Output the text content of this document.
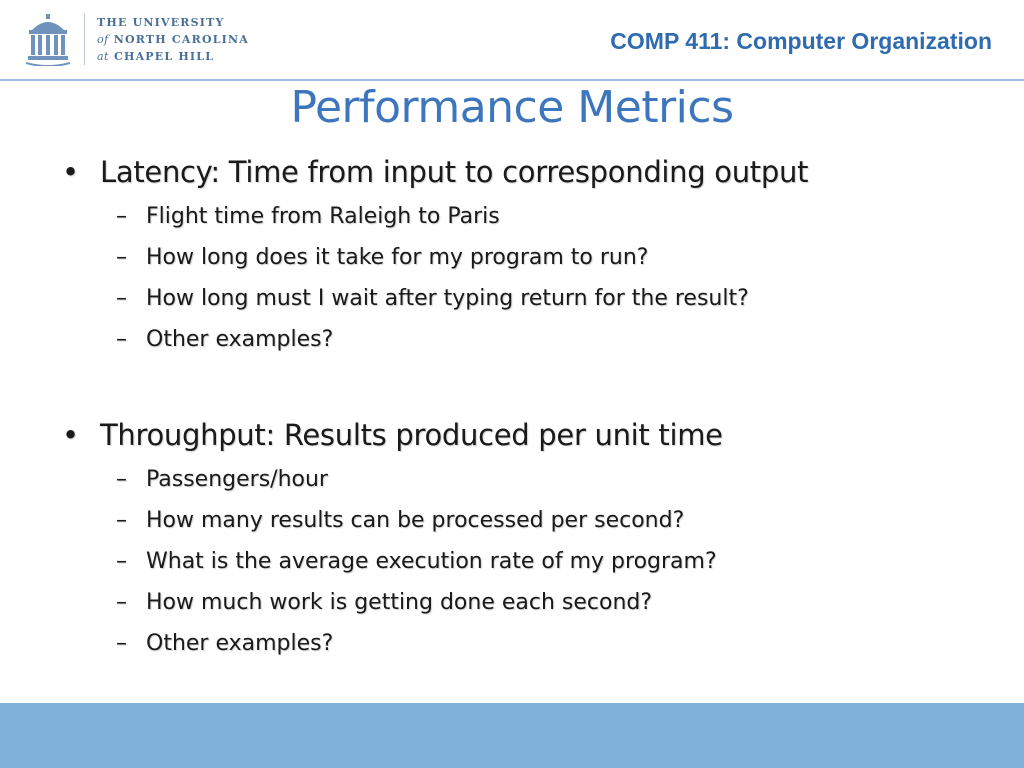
THE UNIVERSITY
of NORTH CAROLINA
at CHAPEL HILL
COMP 411: Computer Organization
Performance Metrics
• Latency: Time from input to corresponding output
– Flight time from Raleigh to Paris
– How long does it take for my program to run?
– How long must I wait after typing return for the result?
– Other examples?
• Throughput: Results produced per unit time
– Passengers/hour
– How many results can be processed per second?
– What is the average execution rate of my program?
– How much work is getting done each second?
– Other examples?
